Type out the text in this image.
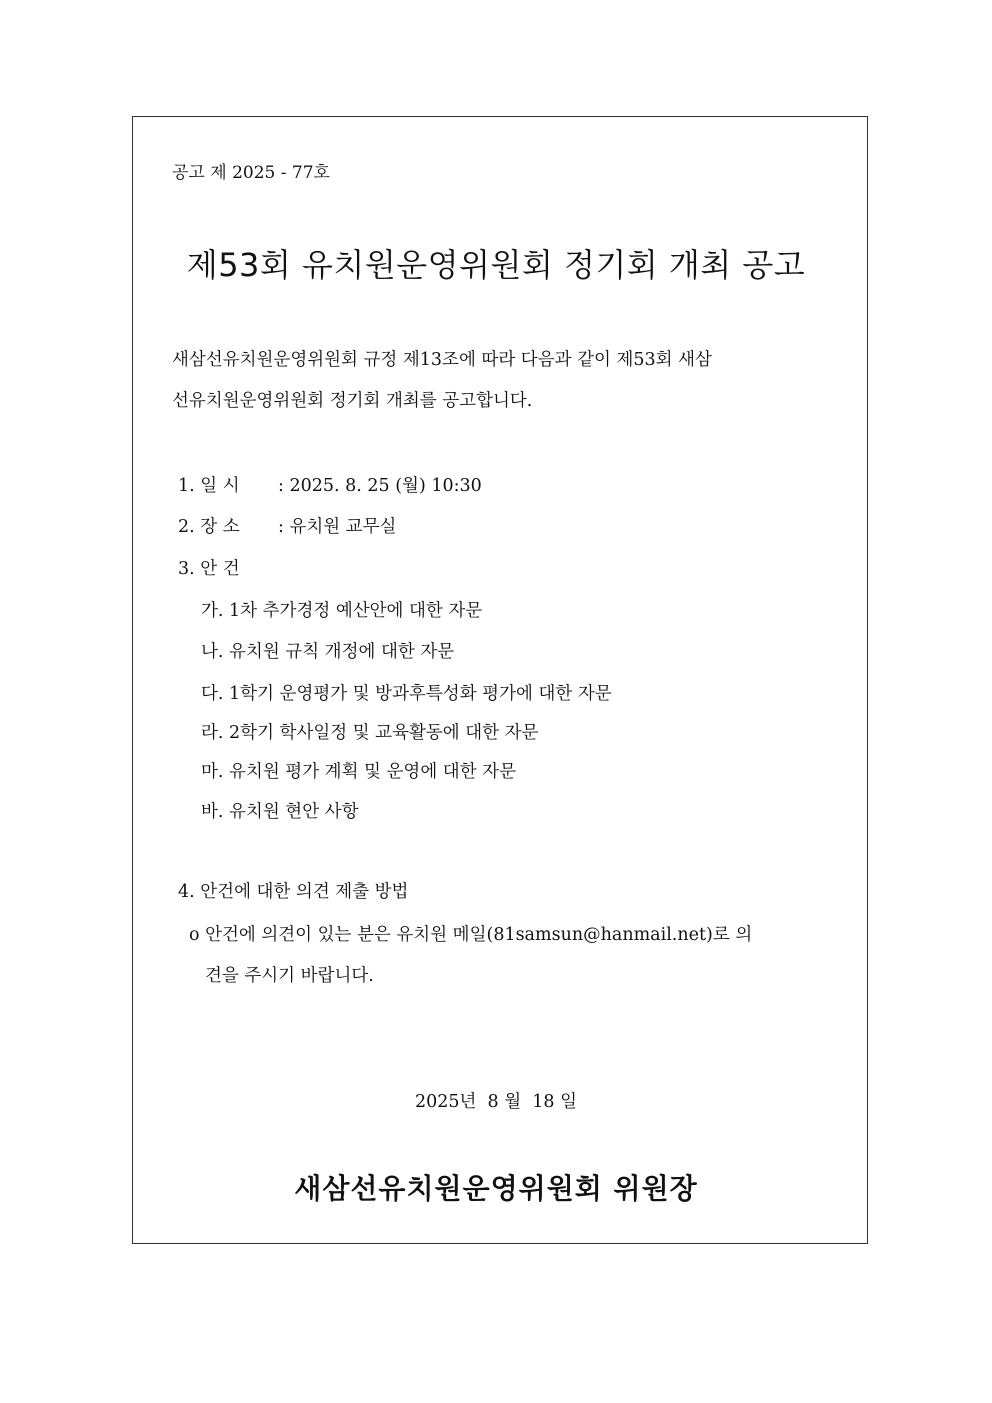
공고 제 2025 - 77호
제53회 유치원운영위원회 정기회 개최 공고
새삼선유치원운영위원회 규정 제13조에 따라 다음과 같이 제53회 새삼
선유치원운영위원회 정기회 개최를 공고합니다.
1. 일 시 : 2025. 8. 25 (월) 10:30
2. 장 소 : 유치원 교무실
3. 안 건
가. 1차 추가경정 예산안에 대한 자문
나. 유치원 규칙 개정에 대한 자문
다. 1학기 운영평가 및 방과후특성화 평가에 대한 자문
라. 2학기 학사일정 및 교육활동에 대한 자문
마. 유치원 평가 계획 및 운영에 대한 자문
바. 유치원 현안 사항
4. 안건에 대한 의견 제출 방법
o 안건에 의견이 있는 분은 유치원 메일(81samsun@hanmail.net)로 의
견을 주시기 바랍니다.
2025년  8 월  18 일
새삼선유치원운영위원회 위원장
